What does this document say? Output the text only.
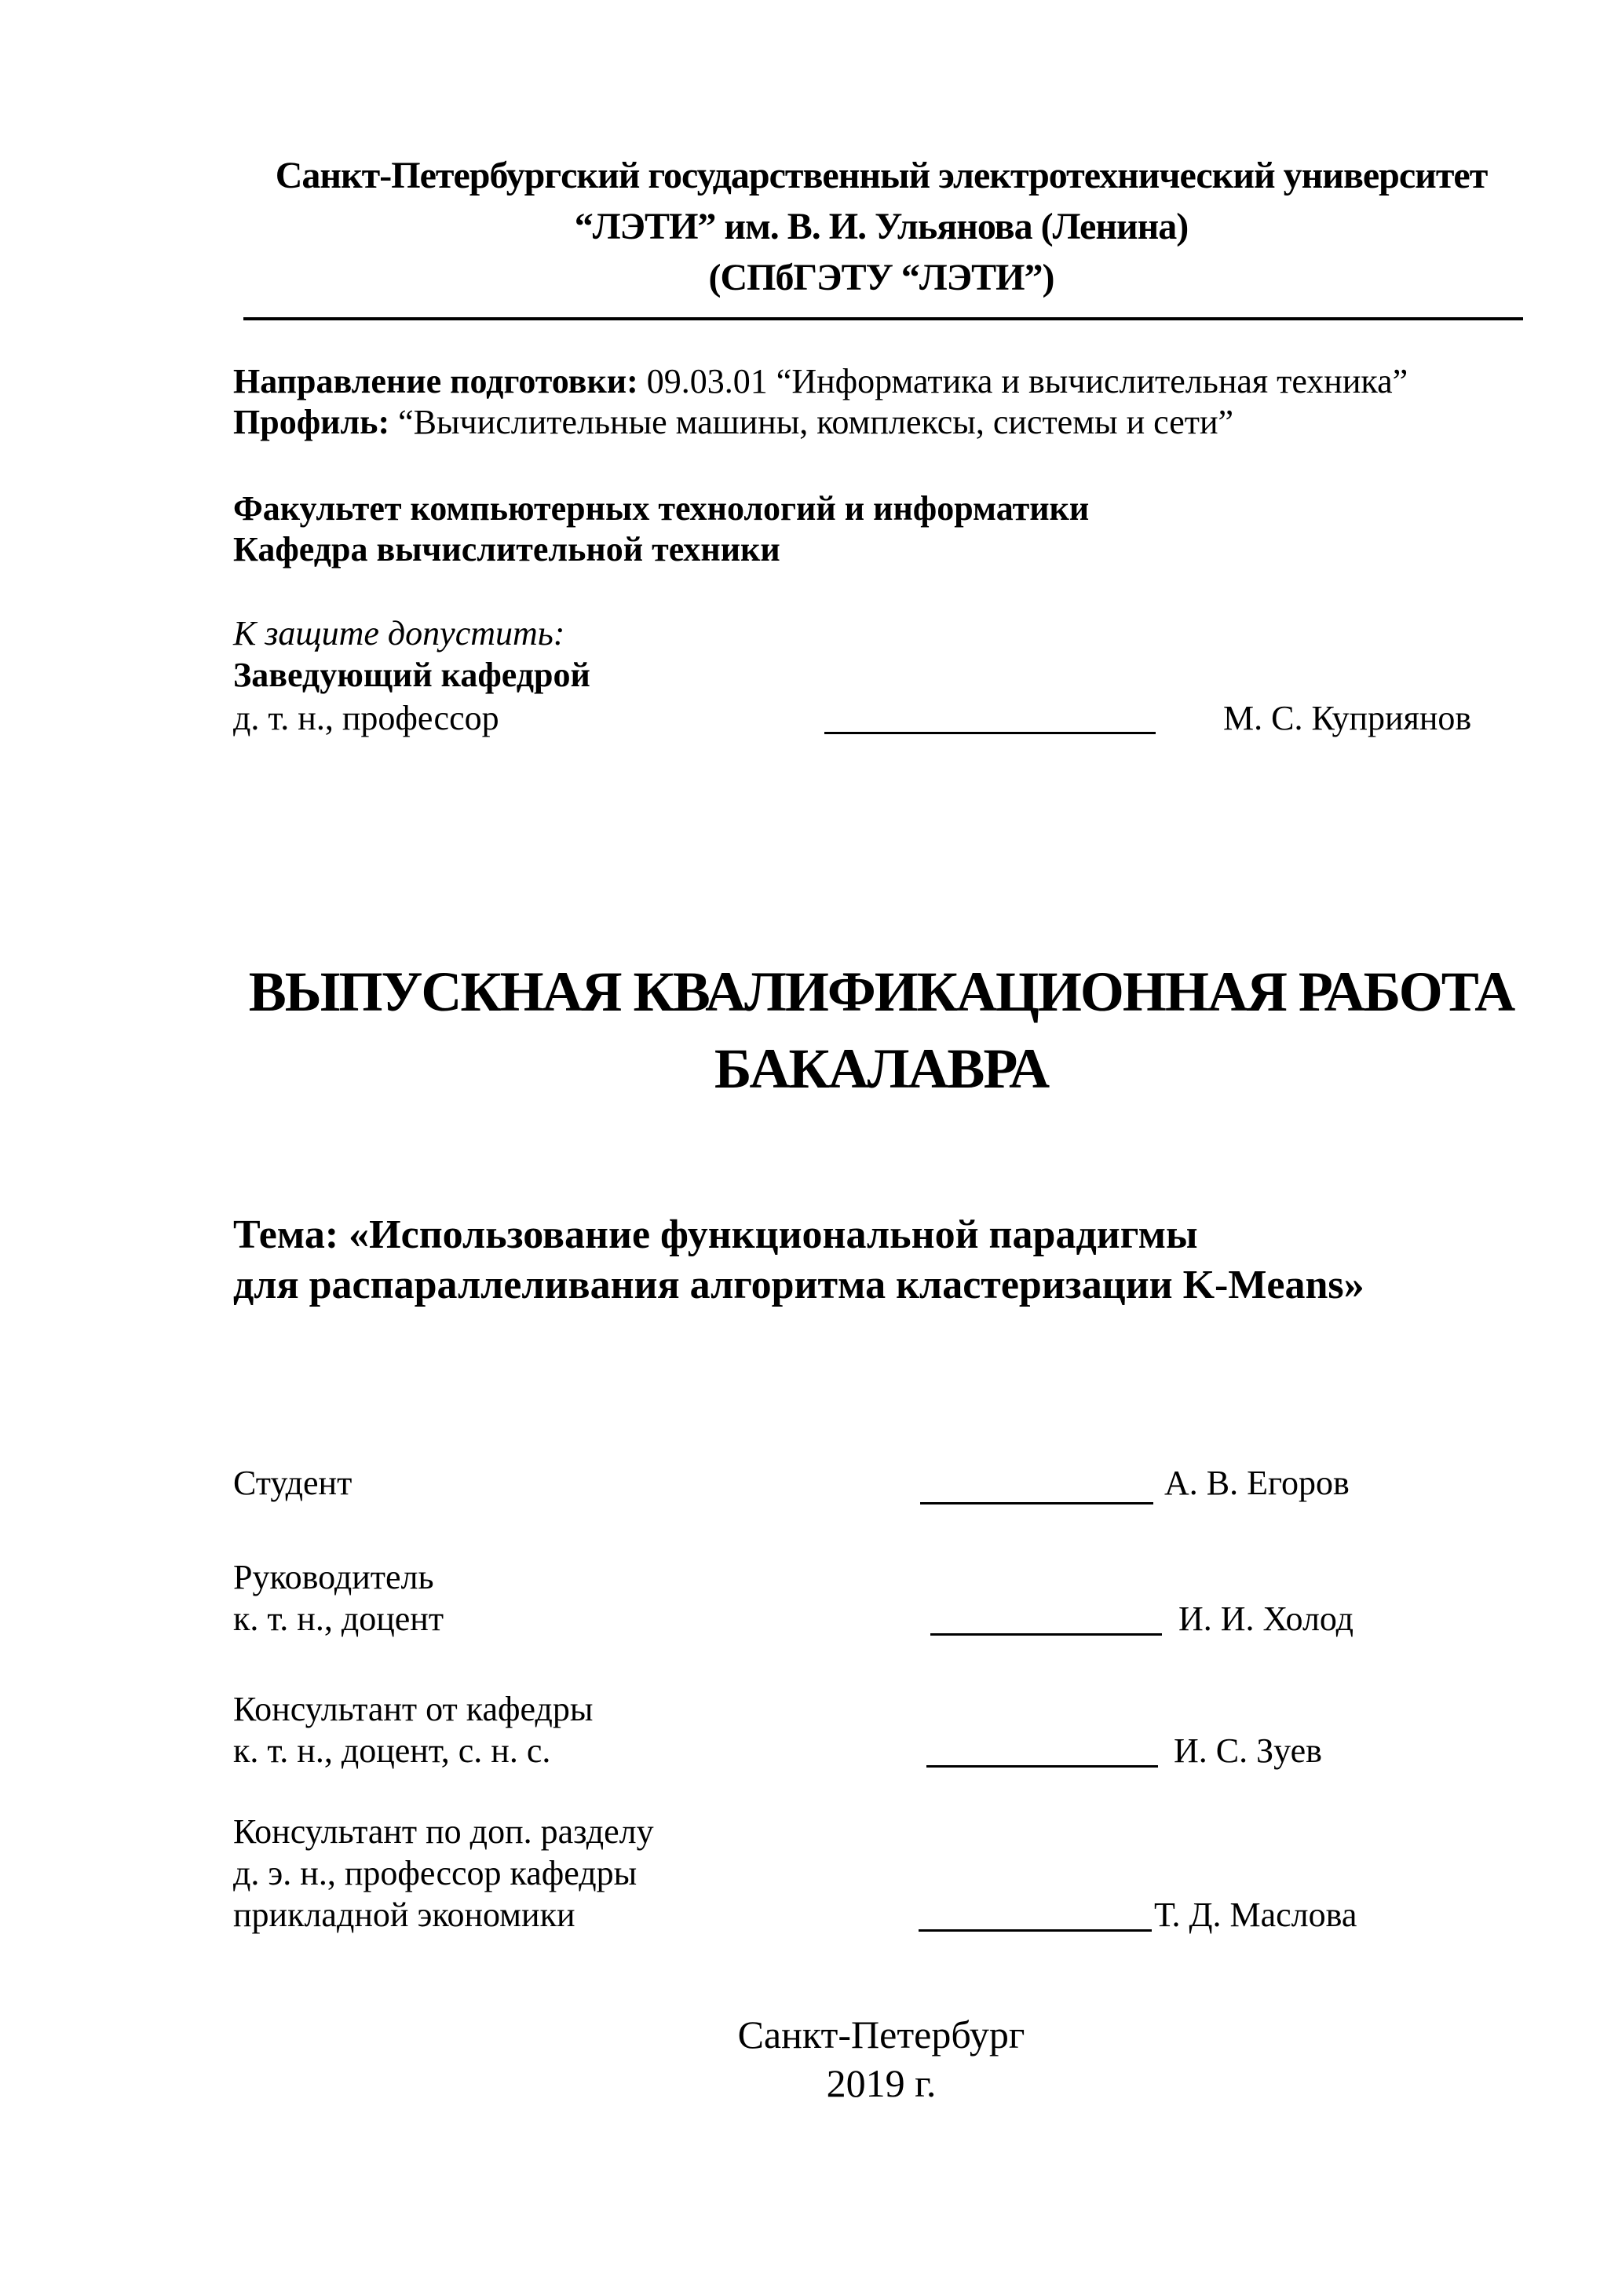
Санкт-Петербургский государственный электротехнический университет
“ЛЭТИ” им. В. И. Ульянова (Ленина)
(СПбГЭТУ “ЛЭТИ”)
Направление подготовки: 09.03.01 “Информатика и вычислительная техника”
Профиль: “Вычислительные машины, комплексы, системы и сети”
Факультет компьютерных технологий и информатики
Кафедра вычислительной техники
К защите допустить:
Заведующий кафедрой
д. т. н., профессор	М. С. Куприянов
ВЫПУСКНАЯ КВАЛИФИКАЦИОННАЯ РАБОТА
БАКАЛАВРА
Тема: «Использование функциональной парадигмы
для распараллеливания алгоритма кластеризации K-Means»
Студент	А. В. Егоров
Руководитель
к. т. н., доцент	И. И. Холод
Консультант от кафедры
к. т. н., доцент, с. н. с.	И. С. Зуев
Консультант по доп. разделу
д. э. н., профессор кафедры
прикладной экономики	Т. Д. Маслова
Санкт-Петербург
2019 г.
